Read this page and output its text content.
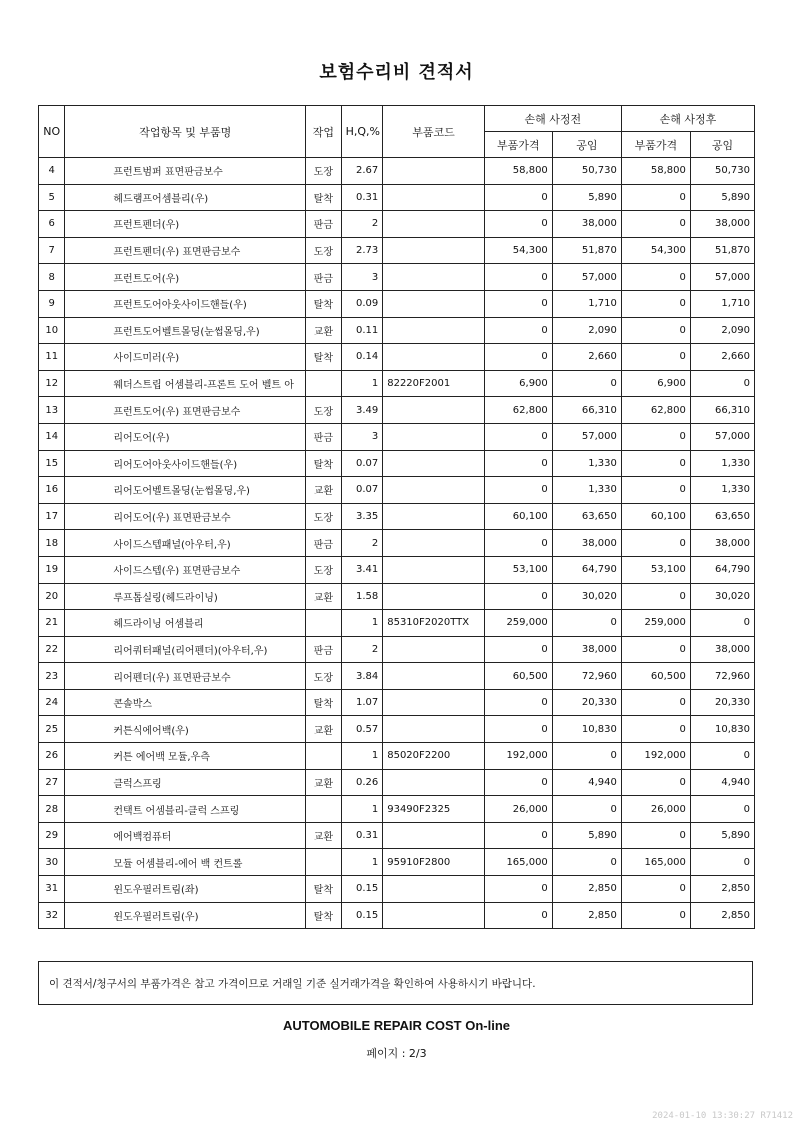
보험수리비 견적서
NO	작업항목 및 부품명	작업	H,Q,%	부품코드	손해 사정전		손해 사정후	
					부품가격	공임	부품가격	공임
4	프런트범퍼 표면판금보수	도장	2.67		58,800	50,730	58,800	50,730
5	헤드램프어셈블리(우)	탈착	0.31		0	5,890	0	5,890
6	프런트펜더(우)	판금	2		0	38,000	0	38,000
7	프런트펜더(우) 표면판금보수	도장	2.73		54,300	51,870	54,300	51,870
8	프런트도어(우)	판금	3		0	57,000	0	57,000
9	프런트도어아웃사이드핸들(우)	탈착	0.09		0	1,710	0	1,710
10	프런트도어벨트몰딩(눈썹몰딩,우)	교환	0.11		0	2,090	0	2,090
11	사이드미러(우)	탈착	0.14		0	2,660	0	2,660
12	웨더스트립 어셈블리-프론트 도어 벨트 아		1	82220F2001	6,900	0	6,900	0
13	프런트도어(우) 표면판금보수	도장	3.49		62,800	66,310	62,800	66,310
14	리어도어(우)	판금	3		0	57,000	0	57,000
15	리어도어아웃사이드핸들(우)	탈착	0.07		0	1,330	0	1,330
16	리어도어벨트몰딩(눈썹몰딩,우)	교환	0.07		0	1,330	0	1,330
17	리어도어(우) 표면판금보수	도장	3.35		60,100	63,650	60,100	63,650
18	사이드스텝패널(아우터,우)	판금	2		0	38,000	0	38,000
19	사이드스텝(우) 표면판금보수	도장	3.41		53,100	64,790	53,100	64,790
20	루프톱실링(헤드라이닝)	교환	1.58		0	30,020	0	30,020
21	헤드라이닝 어셈블리		1	85310F2020TTX	259,000	0	259,000	0
22	리어쿼터패널(리어펜더)(아우터,우)	판금	2		0	38,000	0	38,000
23	리어펜더(우) 표면판금보수	도장	3.84		60,500	72,960	60,500	72,960
24	콘솔박스	탈착	1.07		0	20,330	0	20,330
25	커튼식에어백(우)	교환	0.57		0	10,830	0	10,830
26	커튼 에어백 모듈,우측		1	85020F2200	192,000	0	192,000	0
27	클럭스프링	교환	0.26		0	4,940	0	4,940
28	컨택트 어셈블리-클럭 스프링		1	93490F2325	26,000	0	26,000	0
29	에어백컴퓨터	교환	0.31		0	5,890	0	5,890
30	모듈 어셈블리-에어 백 컨트롤		1	95910F2800	165,000	0	165,000	0
31	윈도우필러트림(좌)	탈착	0.15		0	2,850	0	2,850
32	윈도우필러트림(우)	탈착	0.15		0	2,850	0	2,850
이 견적서/청구서의 부품가격은 참고 가격이므로 거래일 기준 실거래가격을 확인하여 사용하시기 바랍니다.
AUTOMOBILE REPAIR COST On-line
페이지 : 2/3
2024-01-10 13:30:27 R71412
